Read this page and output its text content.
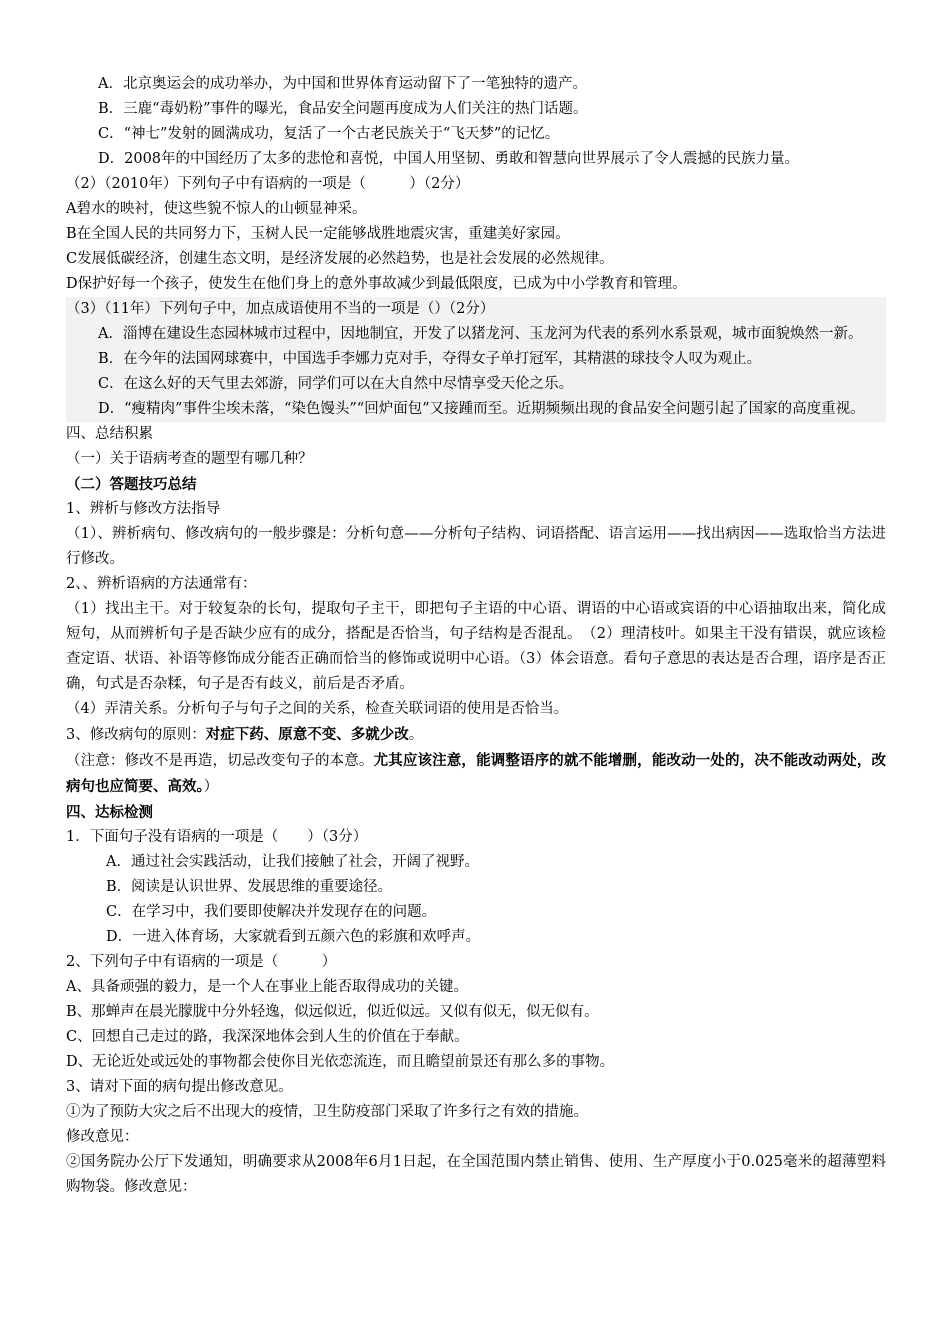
A．北京奥运会的成功举办，为中国和世界体育运动留下了一笔独特的遗产。

B．三鹿“毒奶粉”事件的曝光，食品安全问题再度成为人们关注的热门话题。

C．“神七”发射的圆满成功，复活了一个古老民族关于“飞天梦”的记忆。

D．2008年的中国经历了太多的悲怆和喜悦，中国人用坚韧、勇敢和智慧向世界展示了令人震撼的民族力量。

（2）（2010年）下列句子中有语病的一项是（　　　）（2分）

A碧水的映衬，使这些貌不惊人的山顿显神采。

B在全国人民的共同努力下，玉树人民一定能够战胜地震灾害，重建美好家园。

C发展低碳经济，创建生态文明，是经济发展的必然趋势，也是社会发展的必然规律。

D保护好每一个孩子，使发生在他们身上的意外事故减少到最低限度，已成为中小学教育和管理。

（3）（11年）下列句子中，加点成语使用不当的一项是（）（2分）

A．淄博在建设生态园林城市过程中，因地制宜，开发了以猪龙河、玉龙河为代表的系列水系景观，城市面貌焕然一新。

B．在今年的法国网球赛中，中国选手李娜力克对手，夺得女子单打冠军，其精湛的球技令人叹为观止。

C．在这么好的天气里去郊游，同学们可以在大自然中尽情享受天伦之乐。

D．“瘦精肉”事件尘埃未落，“染色馒头”“回炉面包”又接踵而至。近期频频出现的食品安全问题引起了国家的高度重视。

四、总结积累

（一）关于语病考查的题型有哪几种？

（二）答题技巧总结

1、辨析与修改方法指导

（1）、辨析病句、修改病句的一般步骤是：分析句意——分析句子结构、词语搭配、语言运用——找出病因——选取恰当方法进行修改。

2、、辨析语病的方法通常有：

（1）找出主干。对于较复杂的长句，提取句子主干，即把句子主语的中心语、谓语的中心语或宾语的中心语抽取出来，简化成短句，从而辨析句子是否缺少应有的成分，搭配是否恰当，句子结构是否混乱。　（2）理清枝叶。如果主干没有错误，就应该检查定语、状语、补语等修饰成分能否正确而恰当的修饰或说明中心语。（3）体会语意。看句子意思的表达是否合理，语序是否正确，句式是否杂糅，句子是否有歧义，前后是否矛盾。

（4）弄清关系。分析句子与句子之间的关系，检查关联词语的使用是否恰当。

3、修改病句的原则：对症下药、原意不变、多就少改。

（注意：修改不是再造，切忌改变句子的本意。尤其应该注意，能调整语序的就不能增删，能改动一处的，决不能改动两处，改病句也应简要、高效。）

四、达标检测

1．下面句子没有语病的一项是（　　）（3分）

A．通过社会实践活动，让我们接触了社会，开阔了视野。

B．阅读是认识世界、发展思维的重要途径。

C．在学习中，我们要即使解决并发现存在的问题。

D．一进入体育场，大家就看到五颜六色的彩旗和欢呼声。

2、下列句子中有语病的一项是（　　　）

A、具备顽强的毅力，是一个人在事业上能否取得成功的关键。

B、那蝉声在晨光朦胧中分外轻逸，似远似近，似近似远。又似有似无，似无似有。

C、回想自己走过的路，我深深地体会到人生的价值在于奉献。

D、无论近处或远处的事物都会使你目光依恋流连，而且瞻望前景还有那么多的事物。

3、请对下面的病句提出修改意见。

①为了预防大灾之后不出现大的疫情，卫生防疫部门采取了许多行之有效的措施。

修改意见：

②国务院办公厅下发通知，明确要求从2008年6月1日起，在全国范围内禁止销售、使用、生产厚度小于0.025毫米的超薄塑料购物袋。修改意见：
